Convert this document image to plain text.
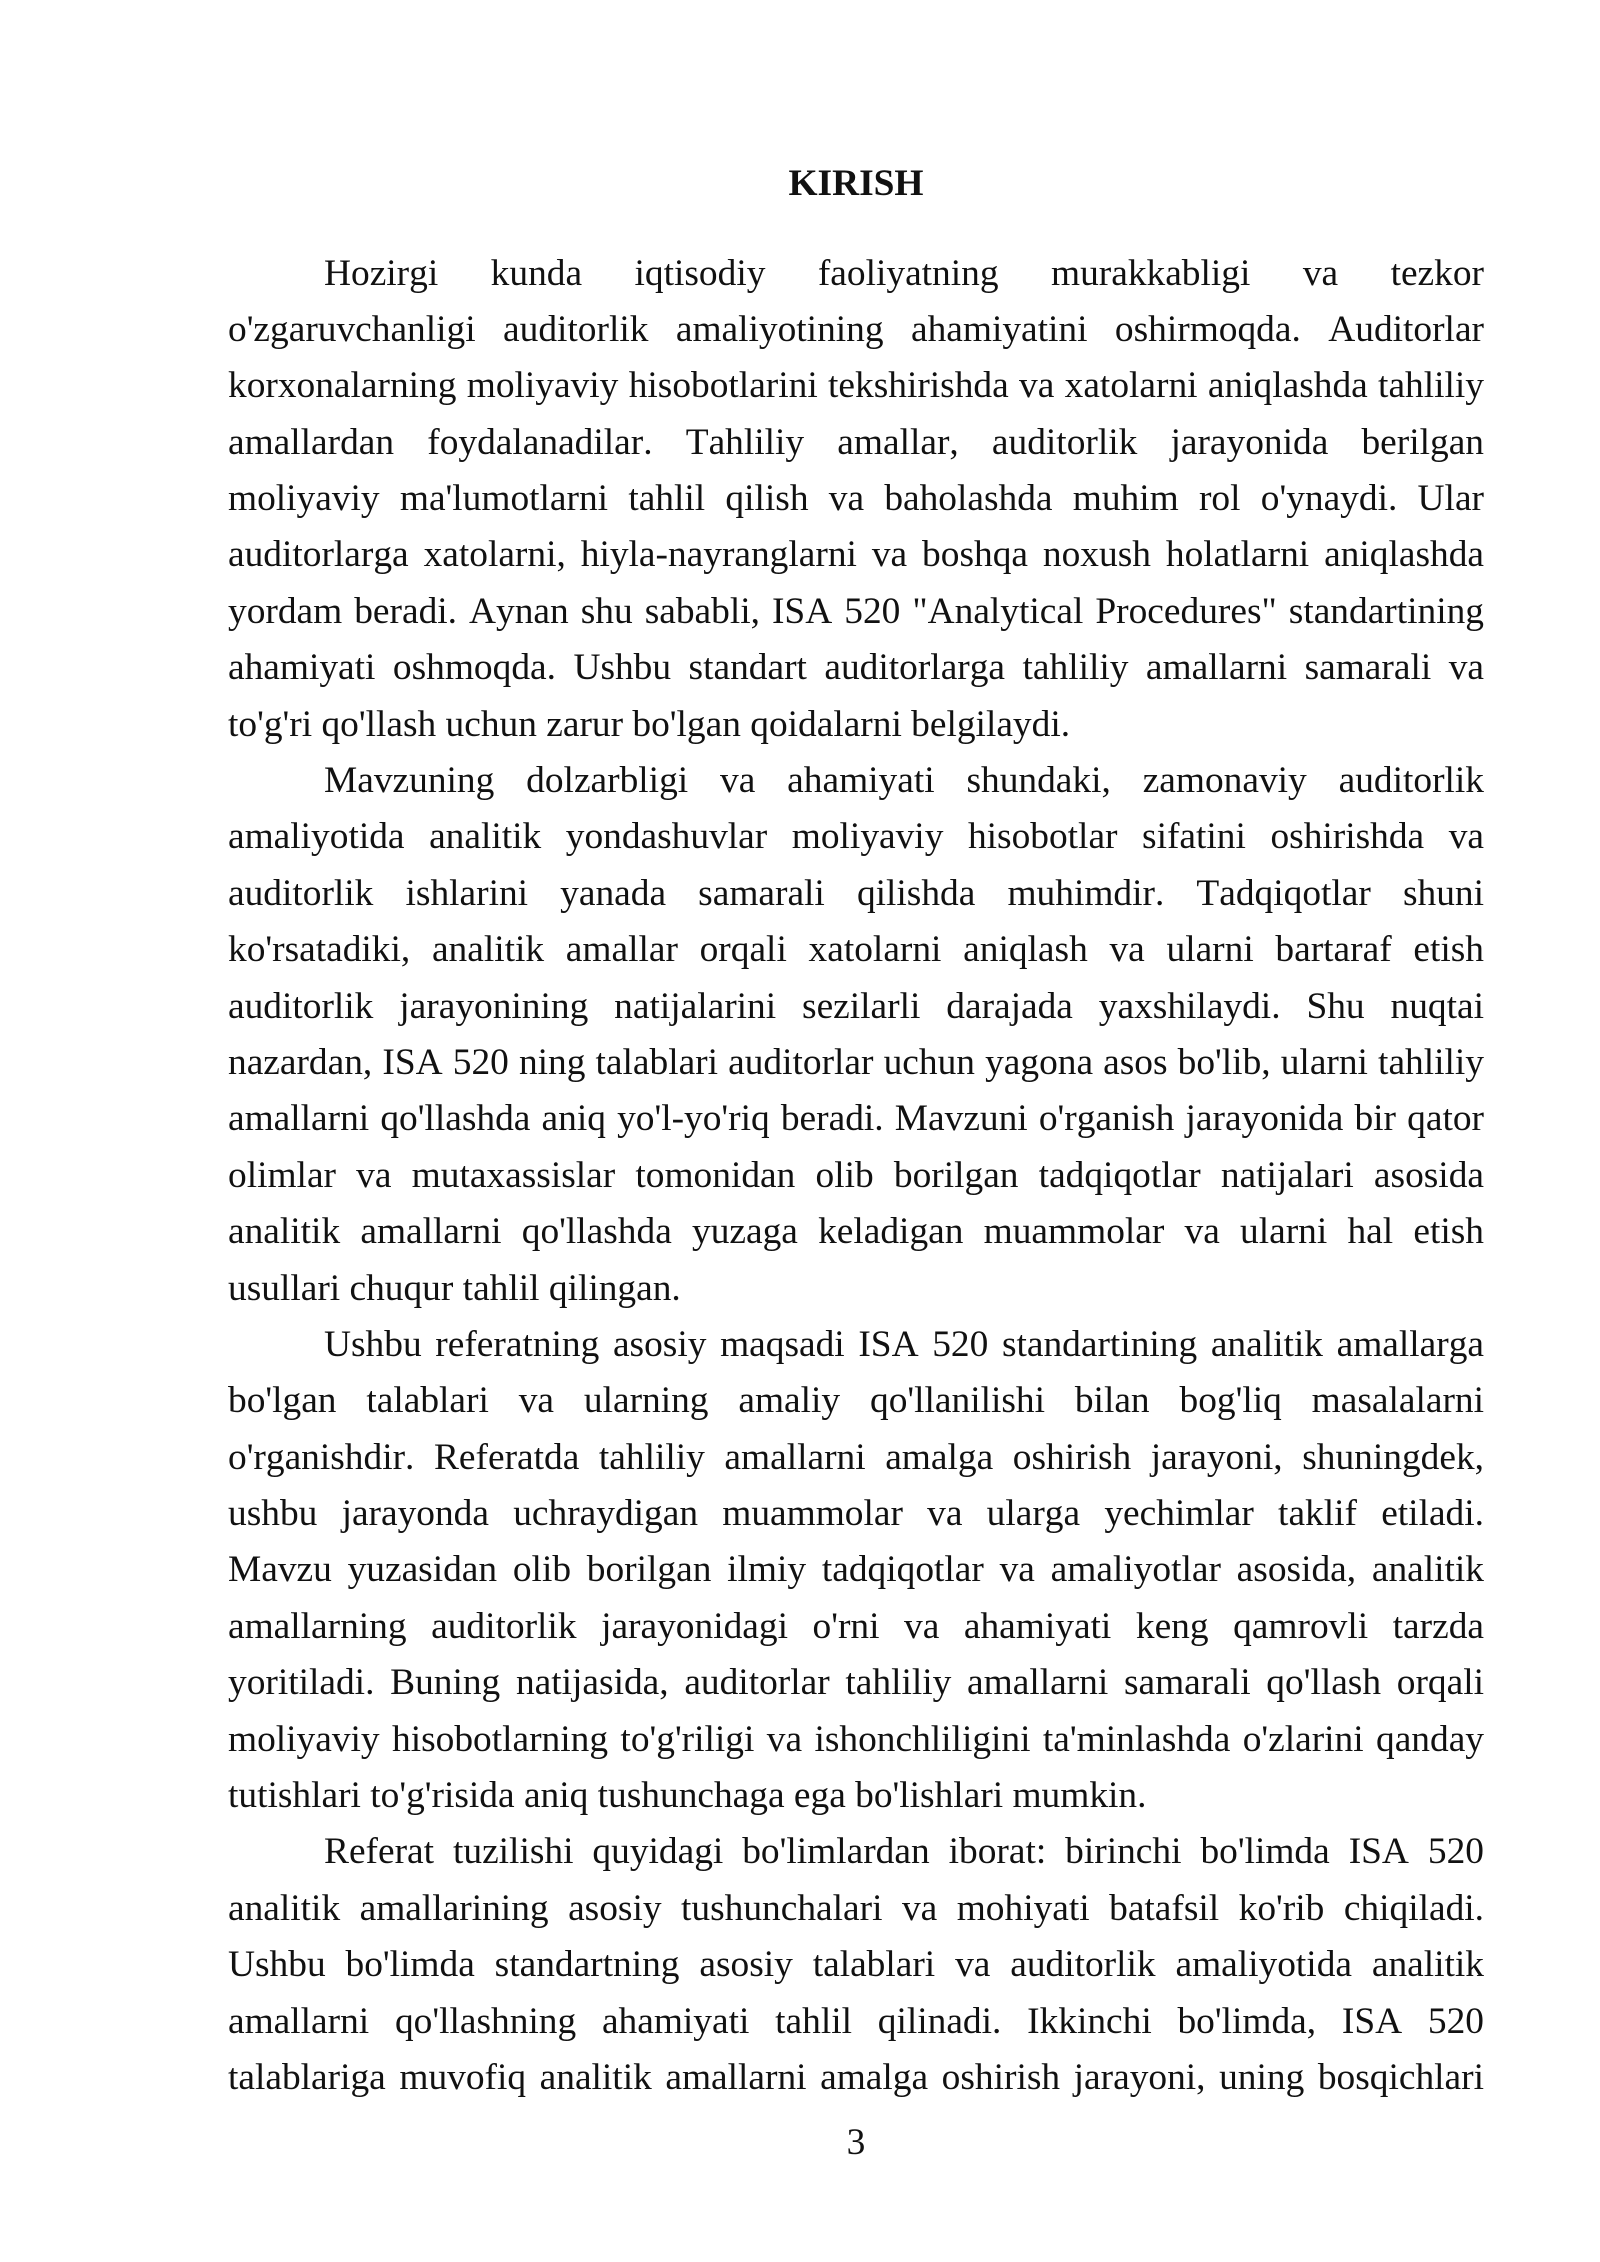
KIRISH
Hozirgi kunda iqtisodiy faoliyatning murakkabligi va tezkor
o'zgaruvchanligi auditorlik amaliyotining ahamiyatini oshirmoqda. Auditorlar
korxonalarning moliyaviy hisobotlarini tekshirishda va xatolarni aniqlashda tahliliy
amallardan foydalanadilar. Tahliliy amallar, auditorlik jarayonida berilgan
moliyaviy ma'lumotlarni tahlil qilish va baholashda muhim rol o'ynaydi. Ular
auditorlarga xatolarni, hiyla-nayranglarni va boshqa noxush holatlarni aniqlashda
yordam beradi. Aynan shu sababli, ISA 520 "Analytical Procedures" standartining
ahamiyati oshmoqda. Ushbu standart auditorlarga tahliliy amallarni samarali va
to'g'ri qo'llash uchun zarur bo'lgan qoidalarni belgilaydi.
Mavzuning dolzarbligi va ahamiyati shundaki, zamonaviy auditorlik
amaliyotida analitik yondashuvlar moliyaviy hisobotlar sifatini oshirishda va
auditorlik ishlarini yanada samarali qilishda muhimdir. Tadqiqotlar shuni
ko'rsatadiki, analitik amallar orqali xatolarni aniqlash va ularni bartaraf etish
auditorlik jarayonining natijalarini sezilarli darajada yaxshilaydi. Shu nuqtai
nazardan, ISA 520 ning talablari auditorlar uchun yagona asos bo'lib, ularni tahliliy
amallarni qo'llashda aniq yo'l-yo'riq beradi. Mavzuni o'rganish jarayonida bir qator
olimlar va mutaxassislar tomonidan olib borilgan tadqiqotlar natijalari asosida
analitik amallarni qo'llashda yuzaga keladigan muammolar va ularni hal etish
usullari chuqur tahlil qilingan.
Ushbu referatning asosiy maqsadi ISA 520 standartining analitik amallarga
bo'lgan talablari va ularning amaliy qo'llanilishi bilan bog'liq masalalarni
o'rganishdir. Referatda tahliliy amallarni amalga oshirish jarayoni, shuningdek,
ushbu jarayonda uchraydigan muammolar va ularga yechimlar taklif etiladi.
Mavzu yuzasidan olib borilgan ilmiy tadqiqotlar va amaliyotlar asosida, analitik
amallarning auditorlik jarayonidagi o'rni va ahamiyati keng qamrovli tarzda
yoritiladi. Buning natijasida, auditorlar tahliliy amallarni samarali qo'llash orqali
moliyaviy hisobotlarning to'g'riligi va ishonchliligini ta'minlashda o'zlarini qanday
tutishlari to'g'risida aniq tushunchaga ega bo'lishlari mumkin.
Referat tuzilishi quyidagi bo'limlardan iborat: birinchi bo'limda ISA 520
analitik amallarining asosiy tushunchalari va mohiyati batafsil ko'rib chiqiladi.
Ushbu bo'limda standartning asosiy talablari va auditorlik amaliyotida analitik
amallarni qo'llashning ahamiyati tahlil qilinadi. Ikkinchi bo'limda, ISA 520
talablariga muvofiq analitik amallarni amalga oshirish jarayoni, uning bosqichlari
3
